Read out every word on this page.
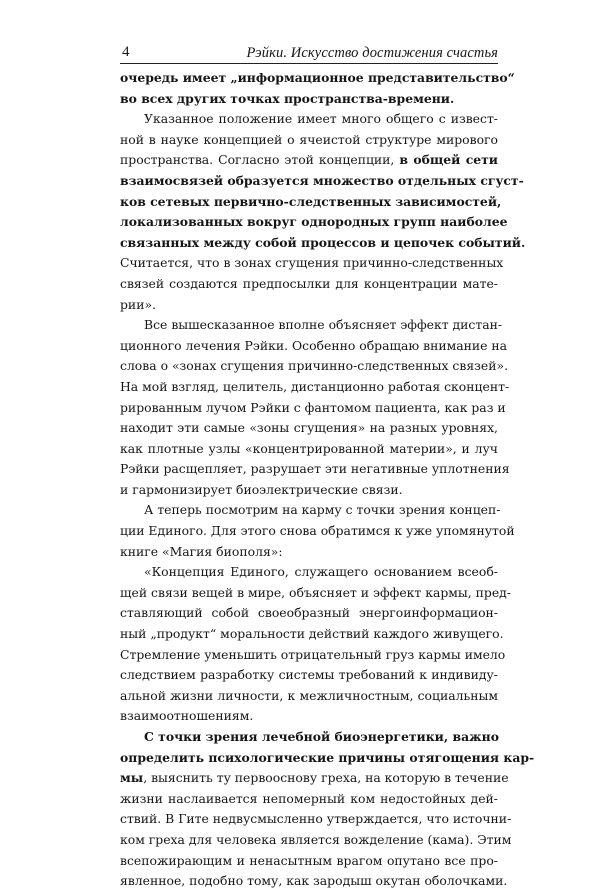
4	Рэйки. Искусство достижения счастья
очередь имеет „информационное представительство“
во всех других точках пространства-времени.
Указанное положение имеет много общего с извест-
ной в науке концепцией о ячеистой структуре мирового
пространства. Согласно этой концепции, в общей сети
взаимосвязей образуется множество отдельных сгуст-
ков сетевых первично-следственных зависимостей,
локализованных вокруг однородных групп наиболее
связанных между собой процессов и цепочек событий.
Считается, что в зонах сгущения причинно-следственных
связей создаются предпосылки для концентрации мате-
рии».
Все вышесказанное вполне объясняет эффект дистан-
ционного лечения Рэйки. Особенно обращаю внимание на
слова о «зонах сгущения причинно-следственных связей».
На мой взгляд, целитель, дистанционно работая сконцент-
рированным лучом Рэйки с фантомом пациента, как раз и
находит эти самые «зоны сгущения» на разных уровнях,
как плотные узлы «концентрированной материи», и луч
Рэйки расщепляет, разрушает эти негативные уплотнения
и гармонизирует биоэлектрические связи.
А теперь посмотрим на карму с точки зрения концеп-
ции Единого. Для этого снова обратимся к уже упомянутой
книге «Магия биополя»:
«Концепция Единого, служащего основанием всеоб-
щей связи вещей в мире, объясняет и эффект кармы, пред-
ставляющий собой своеобразный энергоинформацион-
ный „продукт“ моральности действий каждого живущего.
Стремление уменьшить отрицательный груз кармы имело
следствием разработку системы требований к индивиду-
альной жизни личности, к межличностным, социальным
взаимоотношениям.
С точки зрения лечебной биоэнергетики, важно
определить психологические причины отягощения кар-
мы, выяснить ту первооснову греха, на которую в течение
жизни наслаивается непомерный ком недостойных дей-
ствий. В Гите недвусмысленно утверждается, что источни-
ком греха для человека является вожделение (кама). Этим
всепожирающим и ненасытным врагом опутано все про-
явленное, подобно тому, как зародыш окутан оболочками.
